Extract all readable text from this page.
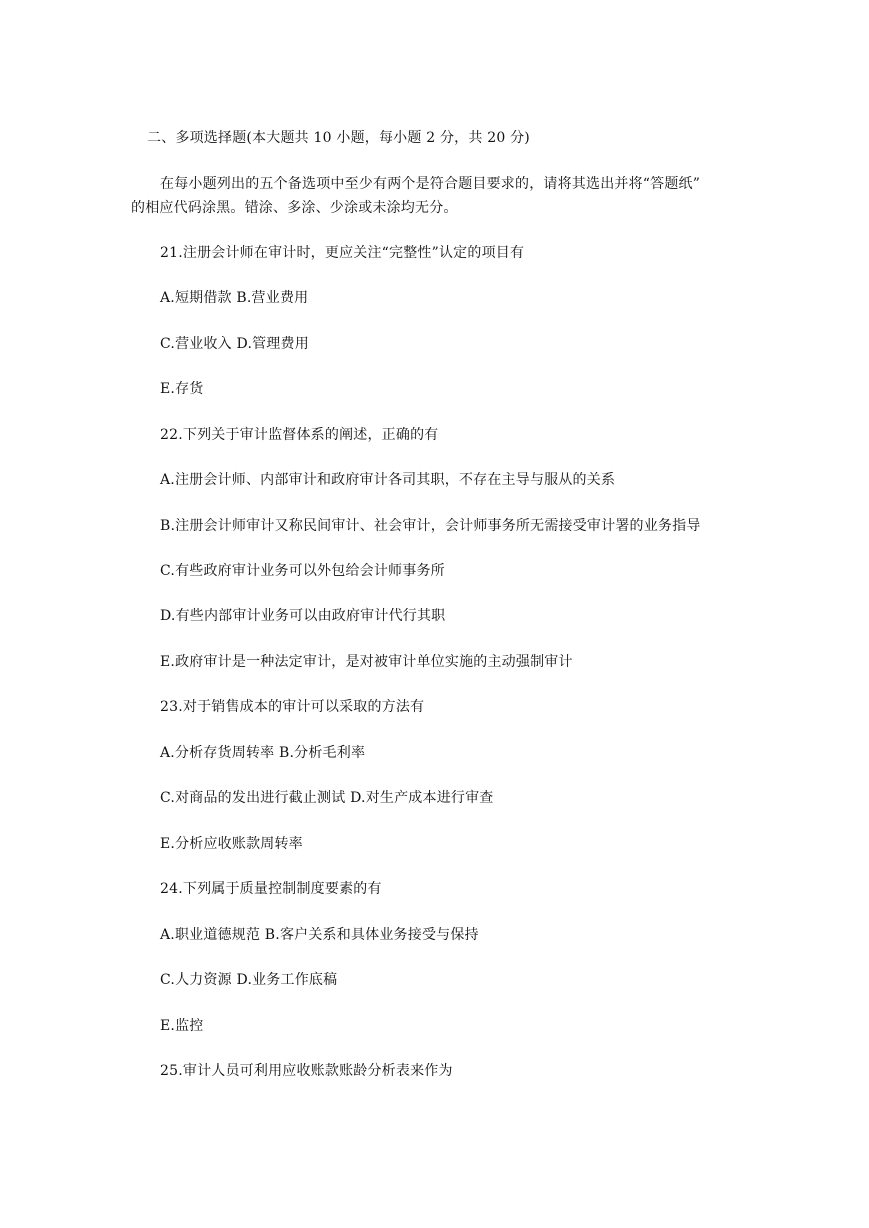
二、多项选择题(本大题共 10 小题，每小题 2 分，共 20 分)

在每小题列出的五个备选项中至少有两个是符合题目要求的，请将其选出并将“答题纸”

的相应代码涂黑。错涂、多涂、少涂或未涂均无分。

21.注册会计师在审计时，更应关注“完整性”认定的项目有

A.短期借款 B.营业费用

C.营业收入 D.管理费用

E.存货

22.下列关于审计监督体系的阐述，正确的有

A.注册会计师、内部审计和政府审计各司其职，不存在主导与服从的关系

B.注册会计师审计又称民间审计、社会审计，会计师事务所无需接受审计署的业务指导

C.有些政府审计业务可以外包给会计师事务所

D.有些内部审计业务可以由政府审计代行其职

E.政府审计是一种法定审计，是对被审计单位实施的主动强制审计

23.对于销售成本的审计可以采取的方法有

A.分析存货周转率 B.分析毛利率

C.对商品的发出进行截止测试 D.对生产成本进行审查

E.分析应收账款周转率

24.下列属于质量控制制度要素的有

A.职业道德规范 B.客户关系和具体业务接受与保持

C.人力资源 D.业务工作底稿

E.监控

25.审计人员可利用应收账款账龄分析表来作为
